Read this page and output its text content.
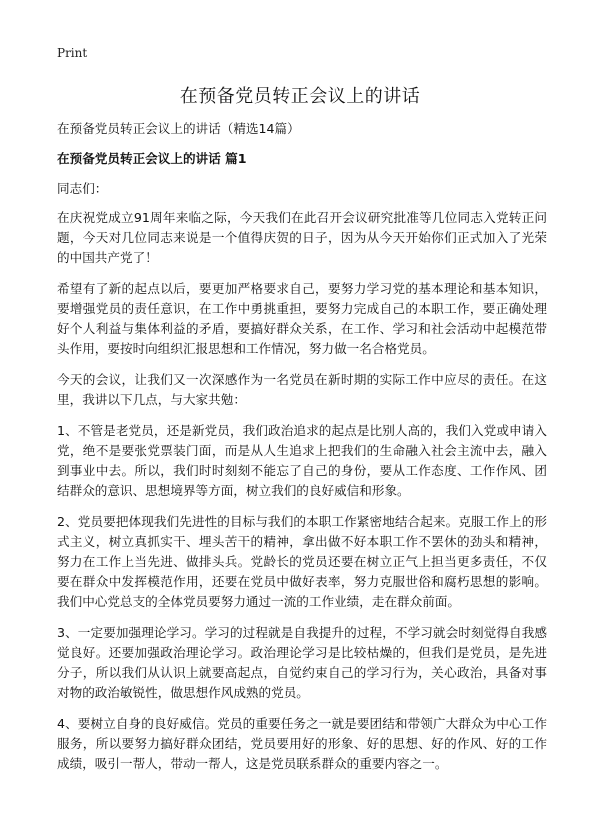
Print
在预备党员转正会议上的讲话

在预备党员转正会议上的讲话（精选14篇）

在预备党员转正会议上的讲话 篇1

同志们：

在庆祝党成立91周年来临之际，今天我们在此召开会议研究批准等几位同志入党转正问题，今天对几位同志来说是一个值得庆贺的日子，因为从今天开始你们正式加入了光荣的中国共产党了！

希望有了新的起点以后，要更加严格要求自己，要努力学习党的基本理论和基本知识，要增强党员的责任意识，在工作中勇挑重担，要努力完成自己的本职工作，要正确处理好个人利益与集体利益的矛盾，要搞好群众关系，在工作、学习和社会活动中起模范带头作用，要按时向组织汇报思想和工作情况，努力做一名合格党员。

今天的会议，让我们又一次深感作为一名党员在新时期的实际工作中应尽的责任。在这里，我讲以下几点，与大家共勉：

1、不管是老党员，还是新党员，我们政治追求的起点是比别人高的，我们入党或申请入党，绝不是要张党票装门面，而是从人生追求上把我们的生命融入社会主流中去，融入到事业中去。所以，我们时时刻刻不能忘了自己的身份，要从工作态度、工作作风、团结群众的意识、思想境界等方面，树立我们的良好威信和形象。

2、党员要把体现我们先进性的目标与我们的本职工作紧密地结合起来。克服工作上的形式主义，树立真抓实干、埋头苦干的精神，拿出做不好本职工作不罢休的劲头和精神，努力在工作上当先进、做排头兵。党龄长的党员还要在树立正气上担当更多责任，不仅要在群众中发挥模范作用，还要在党员中做好表率，努力克服世俗和腐朽思想的影响。我们中心党总支的全体党员要努力通过一流的工作业绩，走在群众前面。

3、一定要加强理论学习。学习的过程就是自我提升的过程，不学习就会时刻觉得自我感觉良好。还要加强政治理论学习。政治理论学习是比较枯燥的，但我们是党员，是先进分子，所以我们从认识上就要高起点，自觉约束自己的学习行为，关心政治，具备对事对物的政治敏锐性，做思想作风成熟的党员。

4、要树立自身的良好威信。党员的重要任务之一就是要团结和带领广大群众为中心工作服务，所以要努力搞好群众团结，党员要用好的形象、好的思想、好的作风、好的工作成绩，吸引一帮人，带动一帮人，这是党员联系群众的重要内容之一。
